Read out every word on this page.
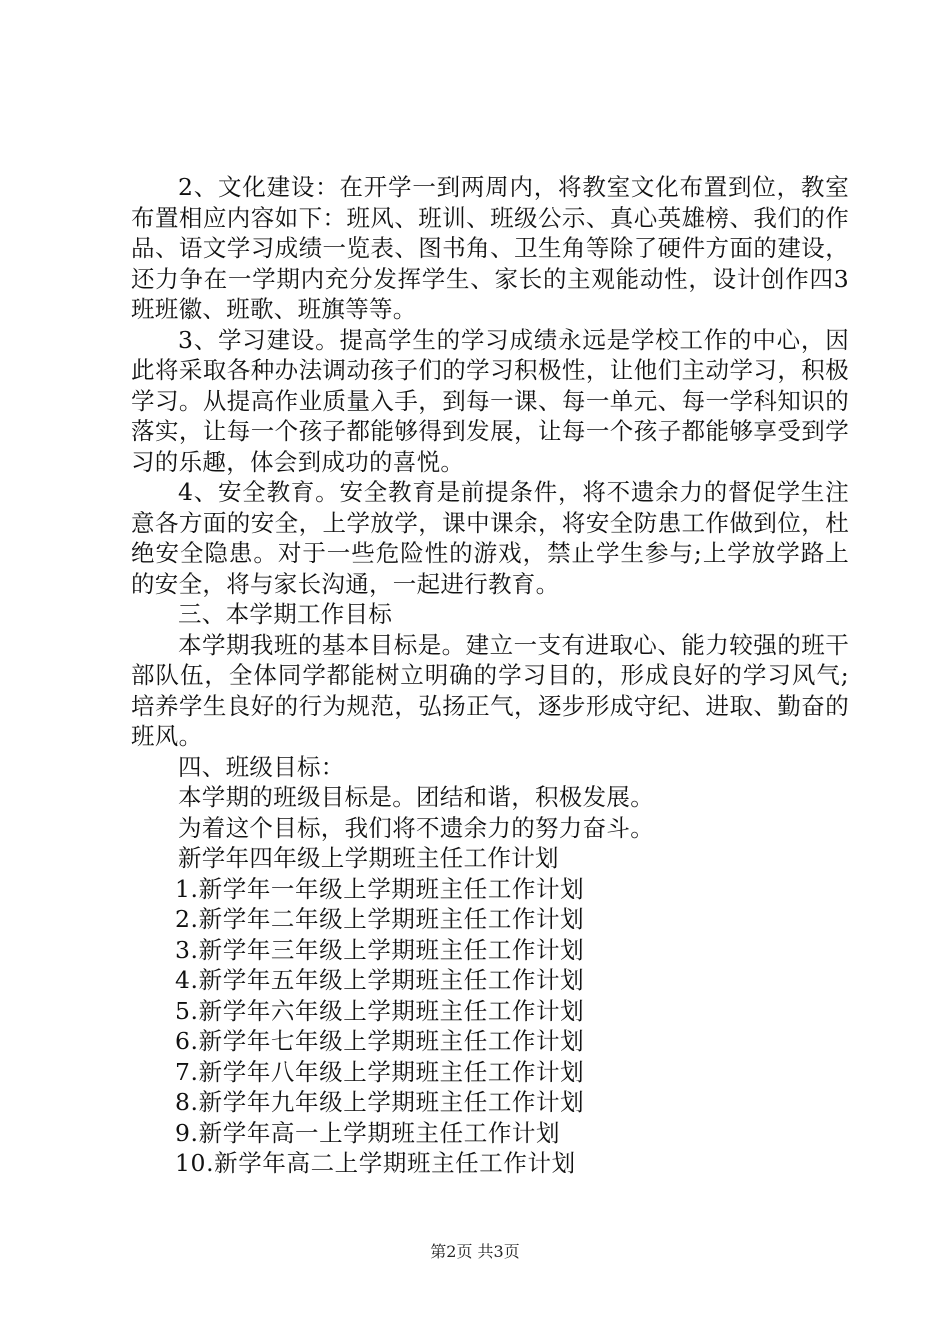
2、文化建设：在开学一到两周内，将教室文化布置到位，教室布置相应内容如下：班风、班训、班级公示、真心英雄榜、我们的作品、语文学习成绩一览表、图书角、卫生角等除了硬件方面的建设，还力争在一学期内充分发挥学生、家长的主观能动性，设计创作四3班班徽、班歌、班旗等等。

3、学习建设。提高学生的学习成绩永远是学校工作的中心，因此将采取各种办法调动孩子们的学习积极性，让他们主动学习，积极学习。从提高作业质量入手，到每一课、每一单元、每一学科知识的落实，让每一个孩子都能够得到发展，让每一个孩子都能够享受到学习的乐趣，体会到成功的喜悦。

4、安全教育。安全教育是前提条件，将不遗余力的督促学生注意各方面的安全，上学放学，课中课余，将安全防患工作做到位，杜绝安全隐患。对于一些危险性的游戏，禁止学生参与;上学放学路上的安全，将与家长沟通，一起进行教育。

三、本学期工作目标

本学期我班的基本目标是。建立一支有进取心、能力较强的班干部队伍，全体同学都能树立明确的学习目的，形成良好的学习风气;培养学生良好的行为规范，弘扬正气，逐步形成守纪、进取、勤奋的班风。

四、班级目标：

本学期的班级目标是。团结和谐，积极发展。

为着这个目标，我们将不遗余力的努力奋斗。

新学年四年级上学期班主任工作计划

1.新学年一年级上学期班主任工作计划
2.新学年二年级上学期班主任工作计划
3.新学年三年级上学期班主任工作计划
4.新学年五年级上学期班主任工作计划
5.新学年六年级上学期班主任工作计划
6.新学年七年级上学期班主任工作计划
7.新学年八年级上学期班主任工作计划
8.新学年九年级上学期班主任工作计划
9.新学年高一上学期班主任工作计划
10.新学年高二上学期班主任工作计划
第2页 共3页
